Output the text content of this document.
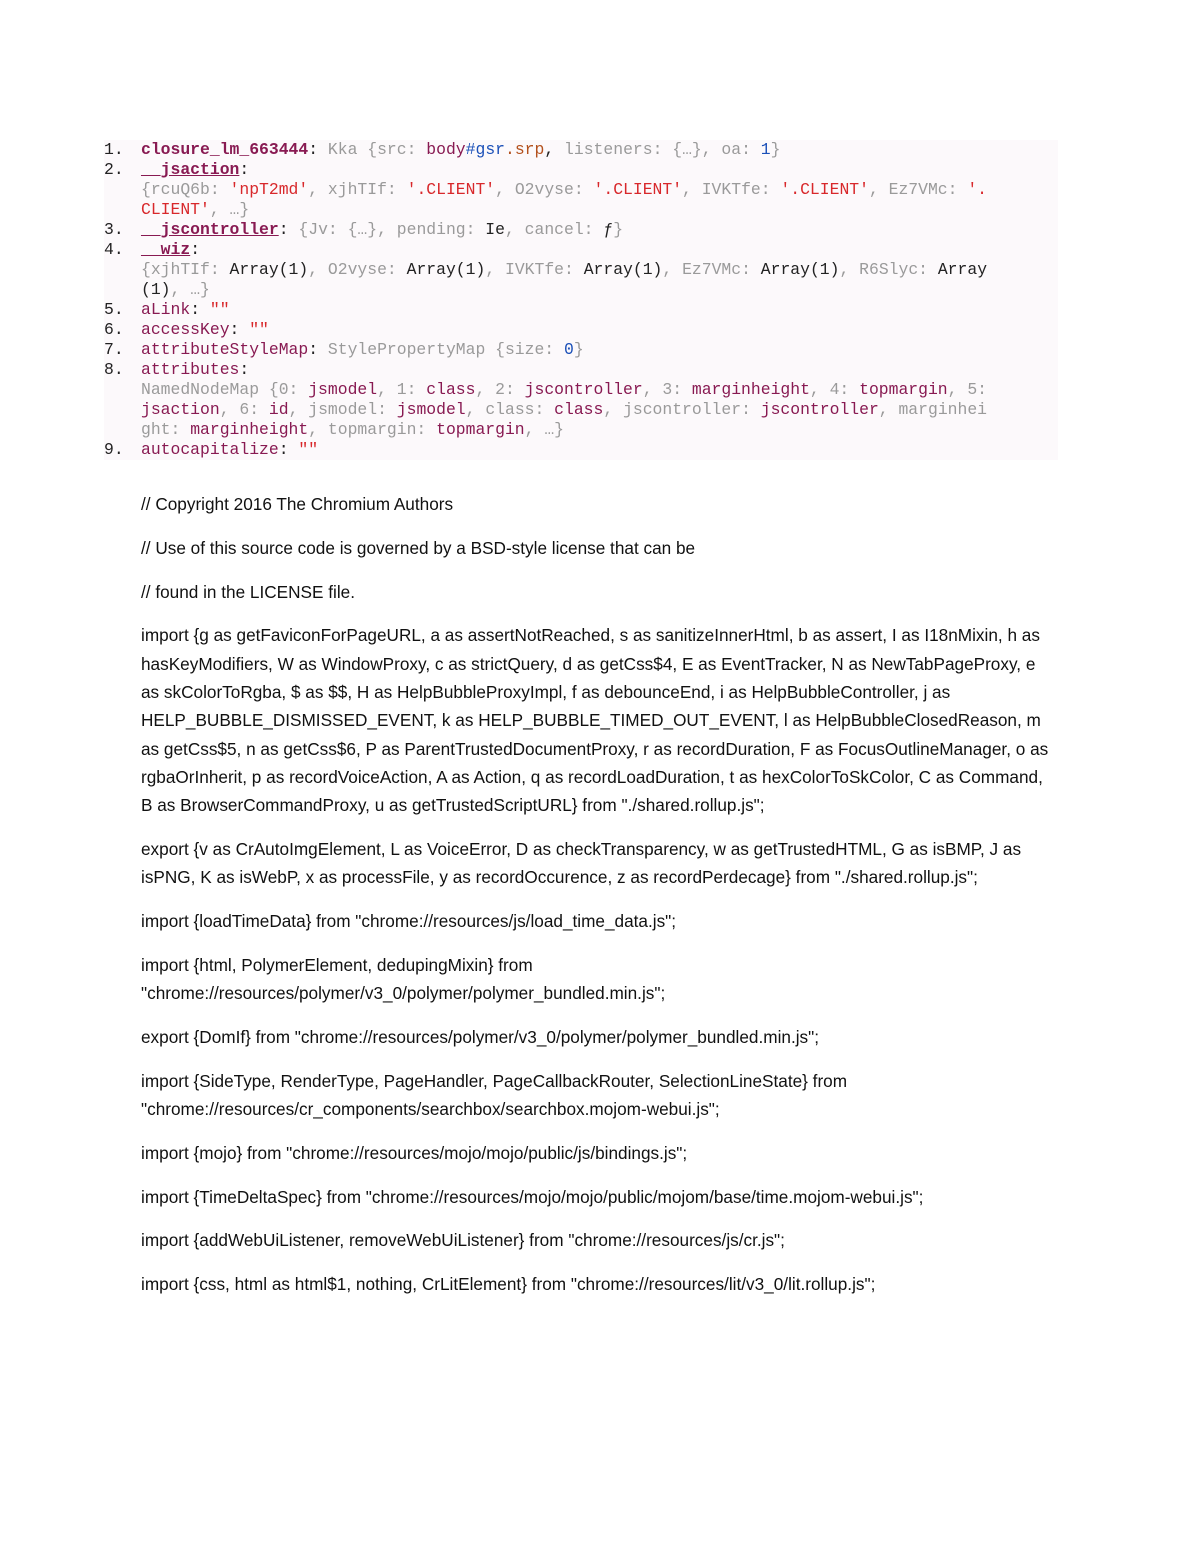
1.	closure_lm_663444 : Kka {src: body #gsr .srp , listeners: {…}, oa: 1 }
2.	__jsaction :
{rcuQ6b: 'npT2md' , xjhTIf: '.CLIENT' , O2vyse: '.CLIENT' , IVKTfe: '.CLIENT' , Ez7VMc: '.
CLIENT' , …}
3.	__jscontroller : {Jv: {…}, pending: Ie , cancel: ƒ }
4.	__wiz :
{xjhTIf: Array(1) , O2vyse: Array(1) , IVKTfe: Array(1) , Ez7VMc: Array(1) , R6Slyc: Array
(1) , …}
5.	aLink : ""
6.	accessKey : ""
7.	attributeStyleMap : StylePropertyMap {size: 0 }
8.	attributes :
NamedNodeMap {0: jsmodel , 1: class , 2: jscontroller , 3: marginheight , 4: topmargin , 5:
jsaction , 6: id , jsmodel: jsmodel , class: class , jscontroller: jscontroller , marginhei
ght: marginheight , topmargin: topmargin , …}
9.	autocapitalize : ""

// Copyright 2016 The Chromium Authors

// Use of this source code is governed by a BSD-style license that can be

// found in the LICENSE file.

import {g as getFaviconForPageURL, a as assertNotReached, s as sanitizeInnerHtml, b as assert, I as I18nMixin, h as hasKeyModifiers, W as WindowProxy, c as strictQuery, d as getCss$4, E as EventTracker, N as NewTabPageProxy, e as skColorToRgba, $ as $$, H as HelpBubbleProxyImpl, f as debounceEnd, i as HelpBubbleController, j as HELP_BUBBLE_DISMISSED_EVENT, k as HELP_BUBBLE_TIMED_OUT_EVENT, l as HelpBubbleClosedReason, m as getCss$5, n as getCss$6, P as ParentTrustedDocumentProxy, r as recordDuration, F as FocusOutlineManager, o as rgbaOrInherit, p as recordVoiceAction, A as Action, q as recordLoadDuration, t as hexColorToSkColor, C as Command, B as BrowserCommandProxy, u as getTrustedScriptURL} from "./shared.rollup.js";

export {v as CrAutoImgElement, L as VoiceError, D as checkTransparency, w as getTrustedHTML, G as isBMP, J as isPNG, K as isWebP, x as processFile, y as recordOccurence, z as recordPerdecage} from "./shared.rollup.js";

import {loadTimeData} from "chrome://resources/js/load_time_data.js";

import {html, PolymerElement, dedupingMixin} from "chrome://resources/polymer/v3_0/polymer/polymer_bundled.min.js";

export {DomIf} from "chrome://resources/polymer/v3_0/polymer/polymer_bundled.min.js";

import {SideType, RenderType, PageHandler, PageCallbackRouter, SelectionLineState} from "chrome://resources/cr_components/searchbox/searchbox.mojom-webui.js";

import {mojo} from "chrome://resources/mojo/mojo/public/js/bindings.js";

import {TimeDeltaSpec} from "chrome://resources/mojo/mojo/public/mojom/base/time.mojom-webui.js";

import {addWebUiListener, removeWebUiListener} from "chrome://resources/js/cr.js";

import {css, html as html$1, nothing, CrLitElement} from "chrome://resources/lit/v3_0/lit.rollup.js";
